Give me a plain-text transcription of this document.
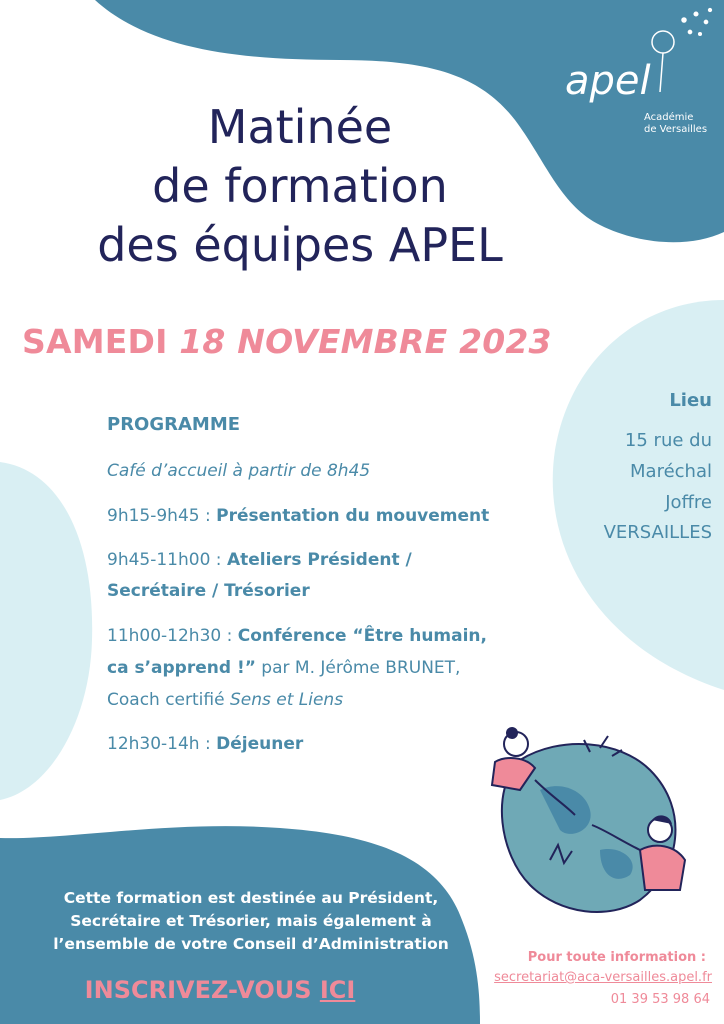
apel
Académie
de Versailles
Matinée
de formation
des équipes APEL
SAMEDI 18 NOVEMBRE 2023
PROGRAMME
Café d’accueil à partir de 8h45
9h15-9h45 : Présentation du mouvement
9h45-11h00 : Ateliers Président /
Secrétaire / Trésorier
11h00-12h30 : Conférence “Être humain,
ca s’apprend !” par M. Jérôme BRUNET,
Coach certifié Sens et Liens
12h30-14h : Déjeuner
Lieu
15 rue du
Maréchal
Joffre
VERSAILLES
Cette formation est destinée au Président,
Secrétaire et Trésorier, mais également à
l’ensemble de votre Conseil d’Administration
INSCRIVEZ-VOUS ICI
Pour toute information :
secretariat@aca-versailles.apel.fr
01 39 53 98 64
